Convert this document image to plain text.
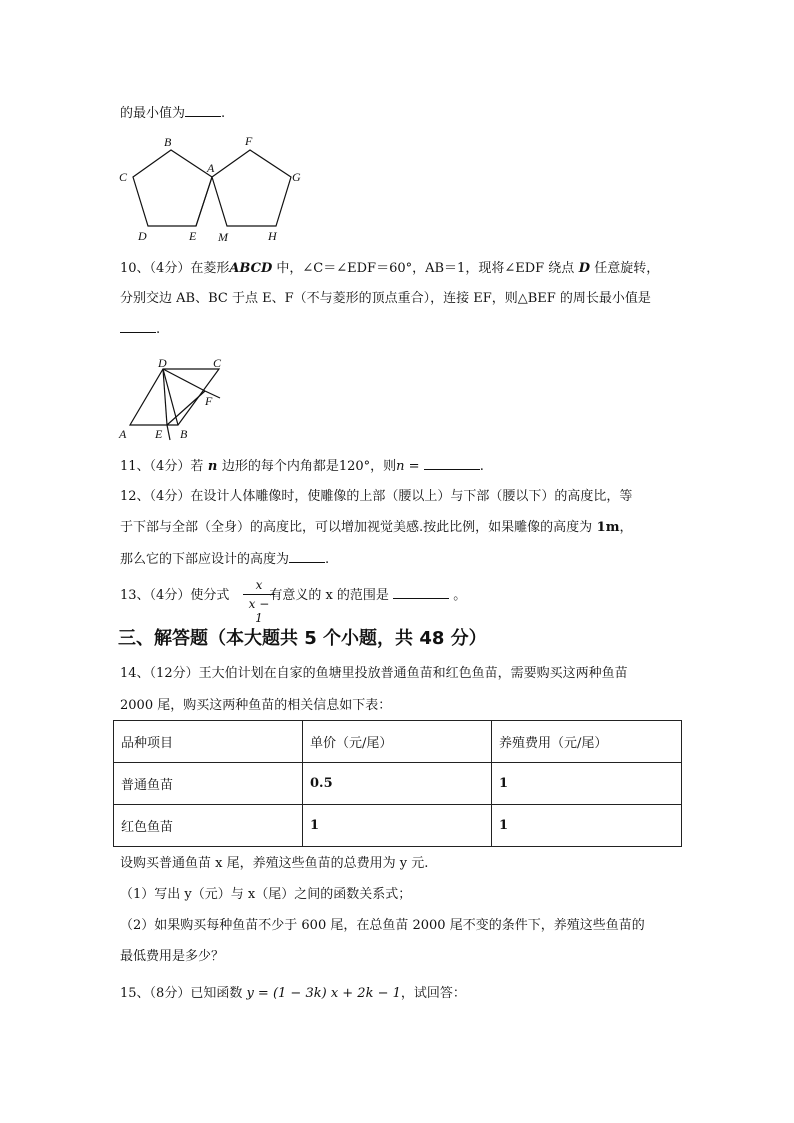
的最小值为	.
B	F
A
C	G
D	E M	H
10、（4分）在菱形ABCD 中，∠C＝∠EDF＝60°，AB＝1，现将∠EDF 绕点 D 任意旋转，
分别交边 AB、BC 于点 E、F（不与菱形的顶点重合），连接 EF，则△BEF 的周长最小值是
.
D	C
F
A E B
11、（4分）若 n 边形的每个内角都是120°，则n =	.
12、（4分）在设计人体雕像时，使雕像的上部（腰以上）与下部（腰以下）的高度比，等
于下部与全部（全身）的高度比，可以增加视觉美感.按此比例，如果雕像的高度为 1m，
那么它的下部应设计的高度为	.
13、（4分）使分式	有意义的 x 的范围是	。
x
x − 1
三、解答题（本大题共 5 个小题，共 48 分）
14、（12分）王大伯计划在自家的鱼塘里投放普通鱼苗和红色鱼苗，需要购买这两种鱼苗
2000 尾，购买这两种鱼苗的相关信息如下表：
品种项目	单价（元/尾）	养殖费用（元/尾）
普通鱼苗	0.5	1
红色鱼苗	1	1
设购买普通鱼苗 x 尾，养殖这些鱼苗的总费用为 y 元.
（1）写出 y（元）与 x（尾）之间的函数关系式；
（2）如果购买每种鱼苗不少于 600 尾，在总鱼苗 2000 尾不变的条件下，养殖这些鱼苗的
最低费用是多少？
15、（8分）已知函数 y = (1 − 3k) x + 2k − 1，试回答：
